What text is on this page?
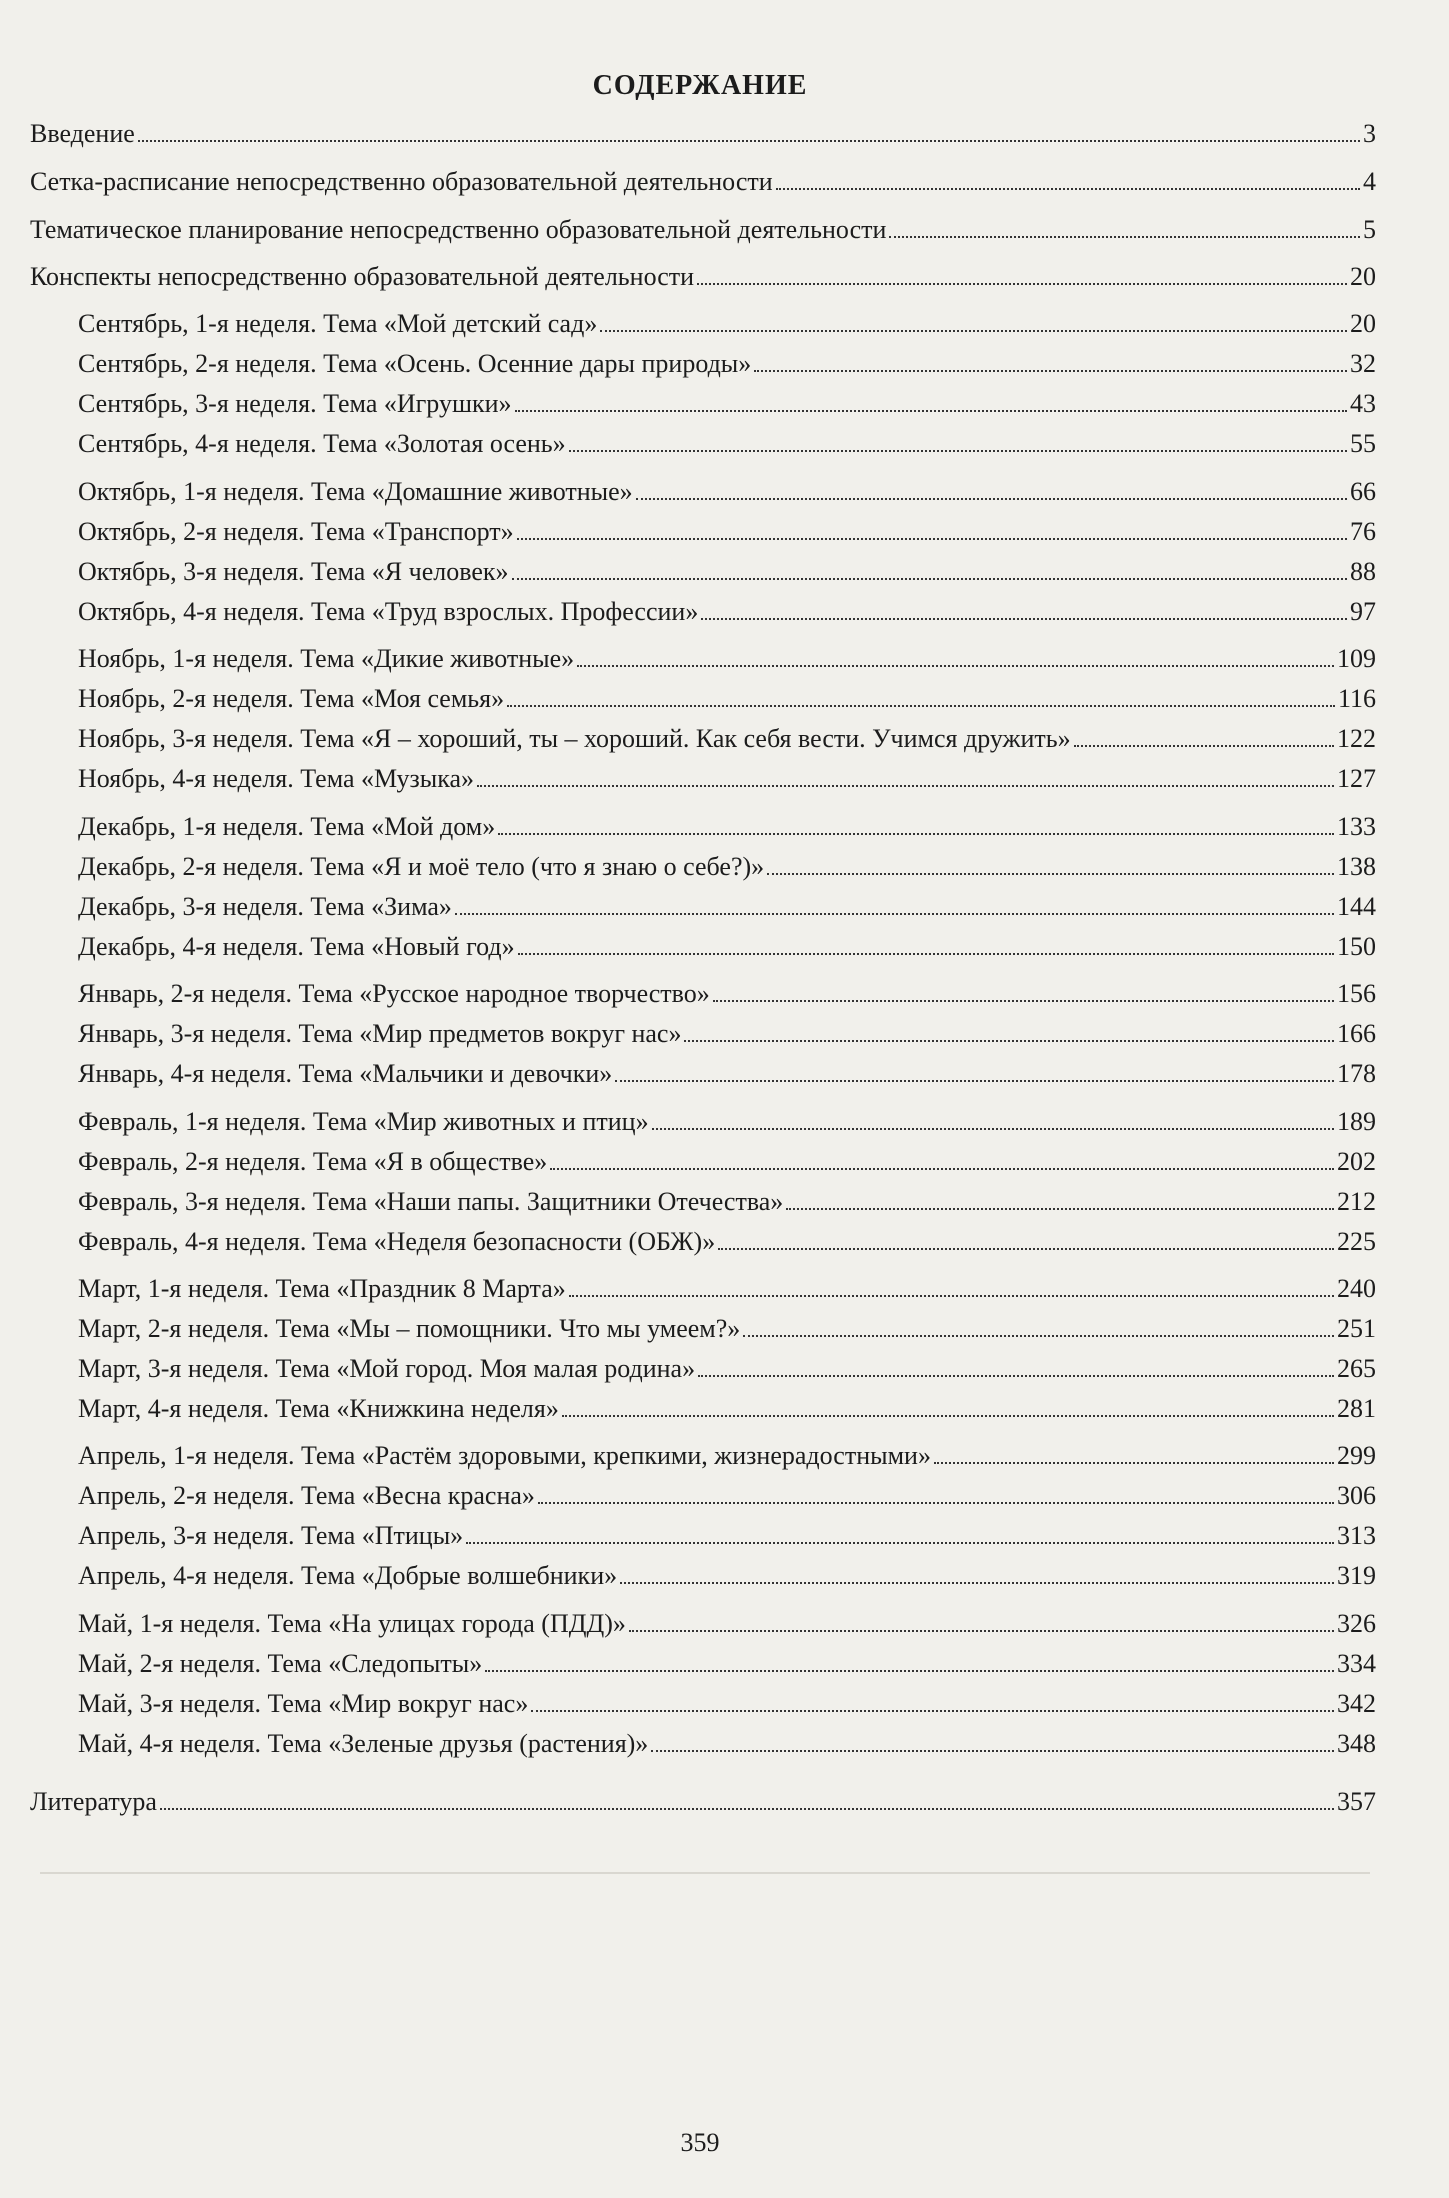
СОДЕРЖАНИЕ
Введение	3
Сетка-расписание непосредственно образовательной деятельности	4
Тематическое планирование непосредственно образовательной деятельности	5
Конспекты непосредственно образовательной деятельности	20
Сентябрь, 1-я неделя. Тема «Мой детский сад»	20
Сентябрь, 2-я неделя. Тема «Осень. Осенние дары природы»	32
Сентябрь, 3-я неделя. Тема «Игрушки»	43
Сентябрь, 4-я неделя. Тема «Золотая осень»	55
Октябрь, 1-я неделя. Тема «Домашние животные»	66
Октябрь, 2-я неделя. Тема «Транспорт»	76
Октябрь, 3-я неделя. Тема «Я человек»	88
Октябрь, 4-я неделя. Тема «Труд взрослых. Профессии»	97
Ноябрь, 1-я неделя. Тема «Дикие животные»	109
Ноябрь, 2-я неделя. Тема «Моя семья»	116
Ноябрь, 3-я неделя. Тема «Я – хороший, ты – хороший. Как себя вести. Учимся дружить»	122
Ноябрь, 4-я неделя. Тема «Музыка»	127
Декабрь, 1-я неделя. Тема «Мой дом»	133
Декабрь, 2-я неделя. Тема «Я и моё тело (что я знаю о себе?)»	138
Декабрь, 3-я неделя. Тема «Зима»	144
Декабрь, 4-я неделя. Тема «Новый год»	150
Январь, 2-я неделя. Тема «Русское народное творчество»	156
Январь, 3-я неделя. Тема «Мир предметов вокруг нас»	166
Январь, 4-я неделя. Тема «Мальчики и девочки»	178
Февраль, 1-я неделя. Тема «Мир животных и птиц»	189
Февраль, 2-я неделя. Тема «Я в обществе»	202
Февраль, 3-я неделя. Тема «Наши папы. Защитники Отечества»	212
Февраль, 4-я неделя. Тема «Неделя безопасности (ОБЖ)»	225
Март, 1-я неделя. Тема «Праздник 8 Марта»	240
Март, 2-я неделя. Тема «Мы – помощники. Что мы умеем?»	251
Март, 3-я неделя. Тема «Мой город. Моя малая родина»	265
Март, 4-я неделя. Тема «Книжкина неделя»	281
Апрель, 1-я неделя. Тема «Растём здоровыми, крепкими, жизнерадостными»	299
Апрель, 2-я неделя. Тема «Весна красна»	306
Апрель, 3-я неделя. Тема «Птицы»	313
Апрель, 4-я неделя. Тема «Добрые волшебники»	319
Май, 1-я неделя. Тема «На улицах города (ПДД)»	326
Май, 2-я неделя. Тема «Следопыты»	334
Май, 3-я неделя. Тема «Мир вокруг нас»	342
Май, 4-я неделя. Тема «Зеленые друзья (растения)»	348
Литература	357
359
